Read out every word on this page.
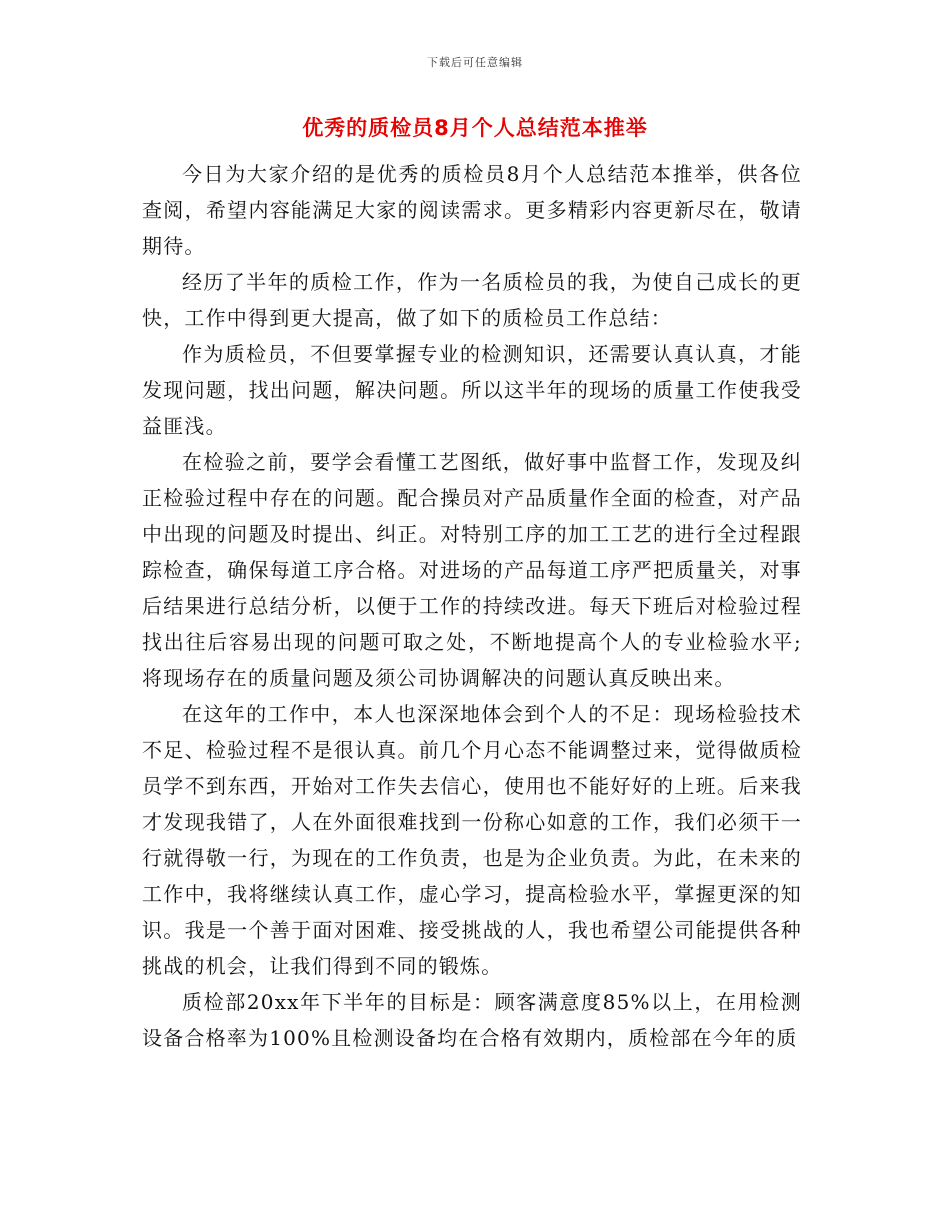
下载后可任意编辑
优秀的质检员8月个人总结范本推举

今日为大家介绍的是优秀的质检员8月个人总结范本推举，供各位查阅，希望内容能满足大家的阅读需求。更多精彩内容更新尽在，敬请期待。

经历了半年的质检工作，作为一名质检员的我，为使自己成长的更快，工作中得到更大提高，做了如下的质检员工作总结：

作为质检员，不但要掌握专业的检测知识，还需要认真认真，才能发现问题，找出问题，解决问题。所以这半年的现场的质量工作使我受益匪浅。

在检验之前，要学会看懂工艺图纸，做好事中监督工作，发现及纠正检验过程中存在的问题。配合操员对产品质量作全面的检查，对产品中出现的问题及时提出、纠正。对特别工序的加工工艺的进行全过程跟踪检查，确保每道工序合格。对进场的产品每道工序严把质量关，对事后结果进行总结分析，以便于工作的持续改进。每天下班后对检验过程找出往后容易出现的问题可取之处，不断地提高个人的专业检验水平;将现场存在的质量问题及须公司协调解决的问题认真反映出来。

在这年的工作中，本人也深深地体会到个人的不足：现场检验技术不足、检验过程不是很认真。前几个月心态不能调整过来，觉得做质检员学不到东西，开始对工作失去信心，使用也不能好好的上班。后来我才发现我错了，人在外面很难找到一份称心如意的工作，我们必须干一行就得敬一行，为现在的工作负责，也是为企业负责。为此，在未来的工作中，我将继续认真工作，虚心学习，提高检验水平，掌握更深的知识。我是一个善于面对困难、接受挑战的人，我也希望公司能提供各种挑战的机会，让我们得到不同的锻炼。

质检部20xx年下半年的目标是：顾客满意度85%以上，在用检测设备合格率为100%且检测设备均在合格有效期内，质检部在今年的质
